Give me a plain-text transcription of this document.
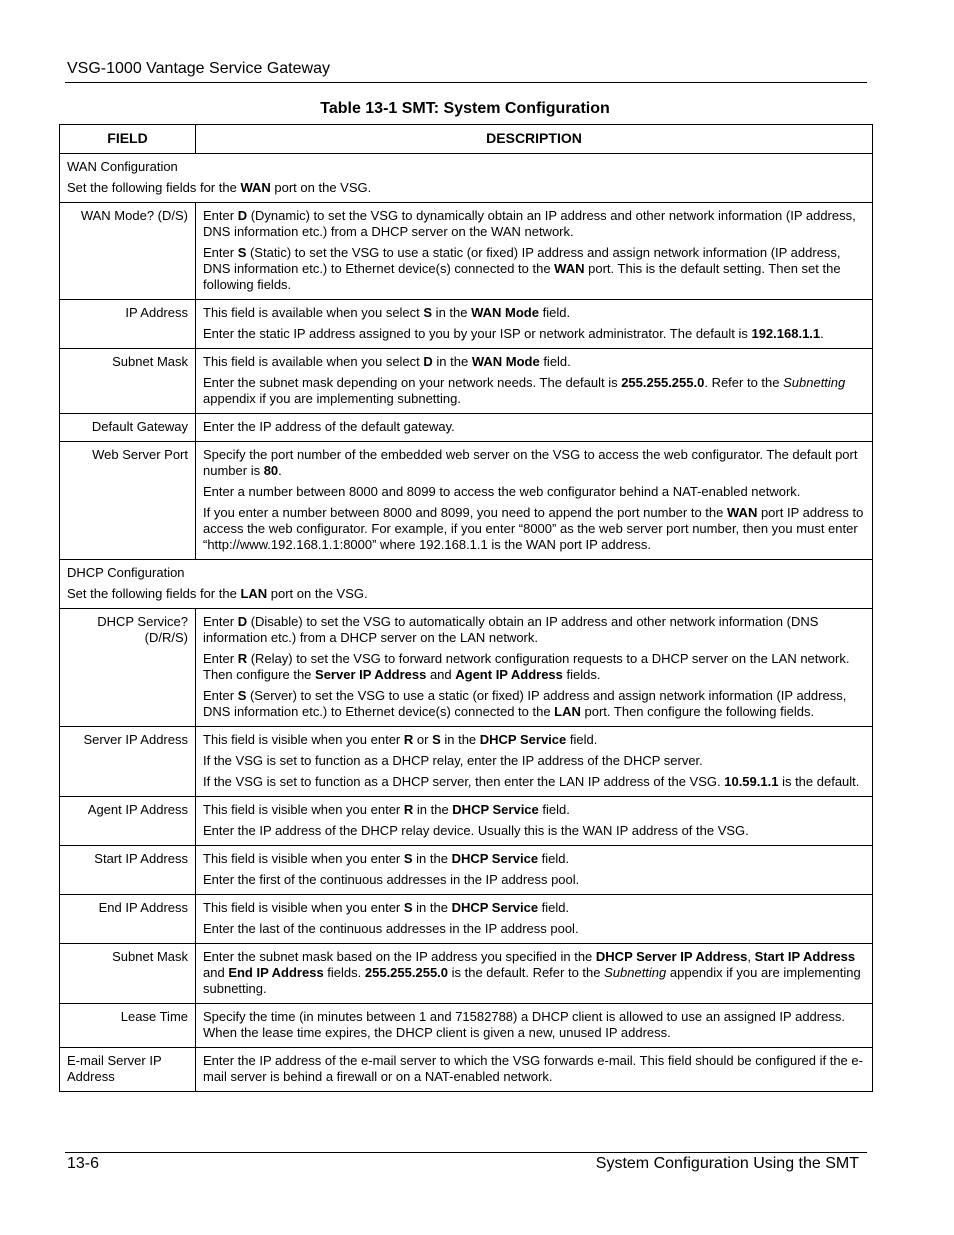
VSG-1000 Vantage Service Gateway
Table 13-1 SMT: System Configuration
FIELD	DESCRIPTION

WAN Configuration

Set the following fields for the WAN port on the VSG.	

WAN Mode? (D/S)	Enter D (Dynamic) to set the VSG to dynamically obtain an IP address and other network information (IP address, DNS information etc.) from a DHCP server on the WAN network.

Enter S (Static) to set the VSG to use a static (or fixed) IP address and assign network information (IP address, DNS information etc.) to Ethernet device(s) connected to the WAN port. This is the default setting. Then set the following fields.

IP Address	This field is available when you select S in the WAN Mode field.

Enter the static IP address assigned to you by your ISP or network administrator. The default is 192.168.1.1.

Subnet Mask	This field is available when you select D in the WAN Mode field.

Enter the subnet mask depending on your network needs. The default is 255.255.255.0. Refer to the Subnetting appendix if you are implementing subnetting.

Default Gateway	Enter the IP address of the default gateway.

Web Server Port	Specify the port number of the embedded web server on the VSG to access the web configurator. The default port number is 80.

Enter a number between 8000 and 8099 to access the web configurator behind a NAT-enabled network.

If you enter a number between 8000 and 8099, you need to append the port number to the WAN port IP address to access the web configurator. For example, if you enter “8000” as the web server port number, then you must enter “http://www.192.168.1.1:8000” where 192.168.1.1 is the WAN port IP address.

DHCP Configuration

Set the following fields for the LAN port on the VSG.	

DHCP Service? (D/R/S)	Enter D (Disable) to set the VSG to automatically obtain an IP address and other network information (DNS information etc.) from a DHCP server on the LAN network.

Enter R (Relay) to set the VSG to forward network configuration requests to a DHCP server on the LAN network. Then configure the Server IP Address and Agent IP Address fields.

Enter S (Server) to set the VSG to use a static (or fixed) IP address and assign network information (IP address, DNS information etc.) to Ethernet device(s) connected to the LAN port. Then configure the following fields.

Server IP Address	This field is visible when you enter R or S in the DHCP Service field.

If the VSG is set to function as a DHCP relay, enter the IP address of the DHCP server.

If the VSG is set to function as a DHCP server, then enter the LAN IP address of the VSG. 10.59.1.1 is the default.

Agent IP Address	This field is visible when you enter R in the DHCP Service field.

Enter the IP address of the DHCP relay device. Usually this is the WAN IP address of the VSG.

Start IP Address	This field is visible when you enter S in the DHCP Service field.

Enter the first of the continuous addresses in the IP address pool.

End IP Address	This field is visible when you enter S in the DHCP Service field.

Enter the last of the continuous addresses in the IP address pool.

Subnet Mask	Enter the subnet mask based on the IP address you specified in the DHCP Server IP Address, Start IP Address and End IP Address fields. 255.255.255.0 is the default. Refer to the Subnetting appendix if you are implementing subnetting.

Lease Time	Specify the time (in minutes between 1 and 71582788) a DHCP client is allowed to use an assigned IP address. When the lease time expires, the DHCP client is given a new, unused IP address.

E-mail Server IP Address	Enter the IP address of the e-mail server to which the VSG forwards e-mail. This field should be configured if the e-mail server is behind a firewall or on a NAT-enabled network.

13-6	System Configuration Using the SMT
